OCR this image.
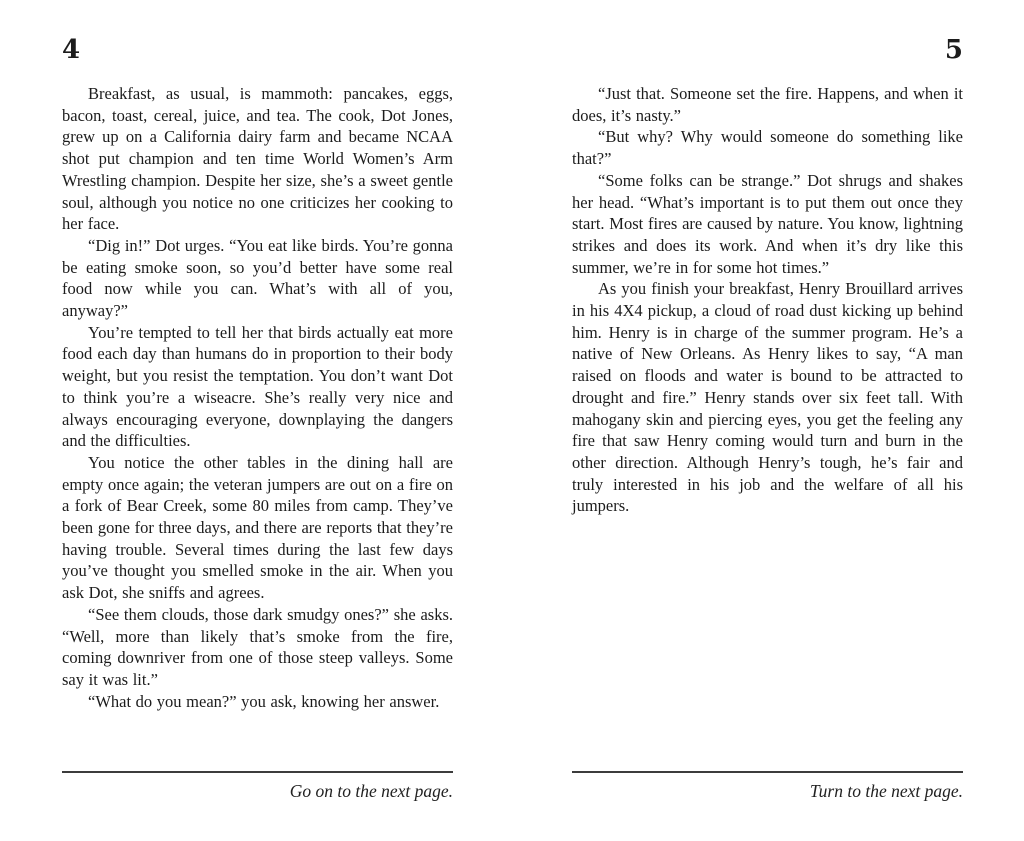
4

Breakfast, as usual, is mammoth: pancakes, eggs, bacon, toast, cereal, juice, and tea. The cook, Dot Jones, grew up on a California dairy farm and became NCAA shot put champion and ten time World Women’s Arm Wrestling champion. Despite her size, she’s a sweet gentle soul, although you notice no one criticizes her cooking to her face.

“Dig in!” Dot urges. “You eat like birds. You’re gonna be eating smoke soon, so you’d better have some real food now while you can. What’s with all of you, anyway?”

You’re tempted to tell her that birds actually eat more food each day than humans do in proportion to their body weight, but you resist the temptation. You don’t want Dot to think you’re a wiseacre. She’s really very nice and always encouraging everyone, downplaying the dangers and the difficulties.

You notice the other tables in the dining hall are empty once again; the veteran jumpers are out on a fire on a fork of Bear Creek, some 80 miles from camp. They’ve been gone for three days, and there are reports that they’re having trouble. Several times during the last few days you’ve thought you smelled smoke in the air. When you ask Dot, she sniffs and agrees.

“See them clouds, those dark smudgy ones?” she asks. “Well, more than likely that’s smoke from the fire, coming downriver from one of those steep valleys. Some say it was lit.”

“What do you mean?” you ask, knowing her answer.

5

“Just that. Someone set the fire. Happens, and when it does, it’s nasty.”

“But why? Why would someone do something like that?”

“Some folks can be strange.” Dot shrugs and shakes her head. “What’s important is to put them out once they start. Most fires are caused by nature. You know, lightning strikes and does its work. And when it’s dry like this summer, we’re in for some hot times.”

As you finish your breakfast, Henry Brouillard arrives in his 4X4 pickup, a cloud of road dust kicking up behind him. Henry is in charge of the summer program. He’s a native of New Orleans. As Henry likes to say, “A man raised on floods and water is bound to be attracted to drought and fire.” Henry stands over six feet tall. With mahogany skin and piercing eyes, you get the feeling any fire that saw Henry coming would turn and burn in the other direction. Although Henry’s tough, he’s fair and truly interested in his job and the welfare of all his jumpers.

Go on to the next page.	Turn to the next page.
